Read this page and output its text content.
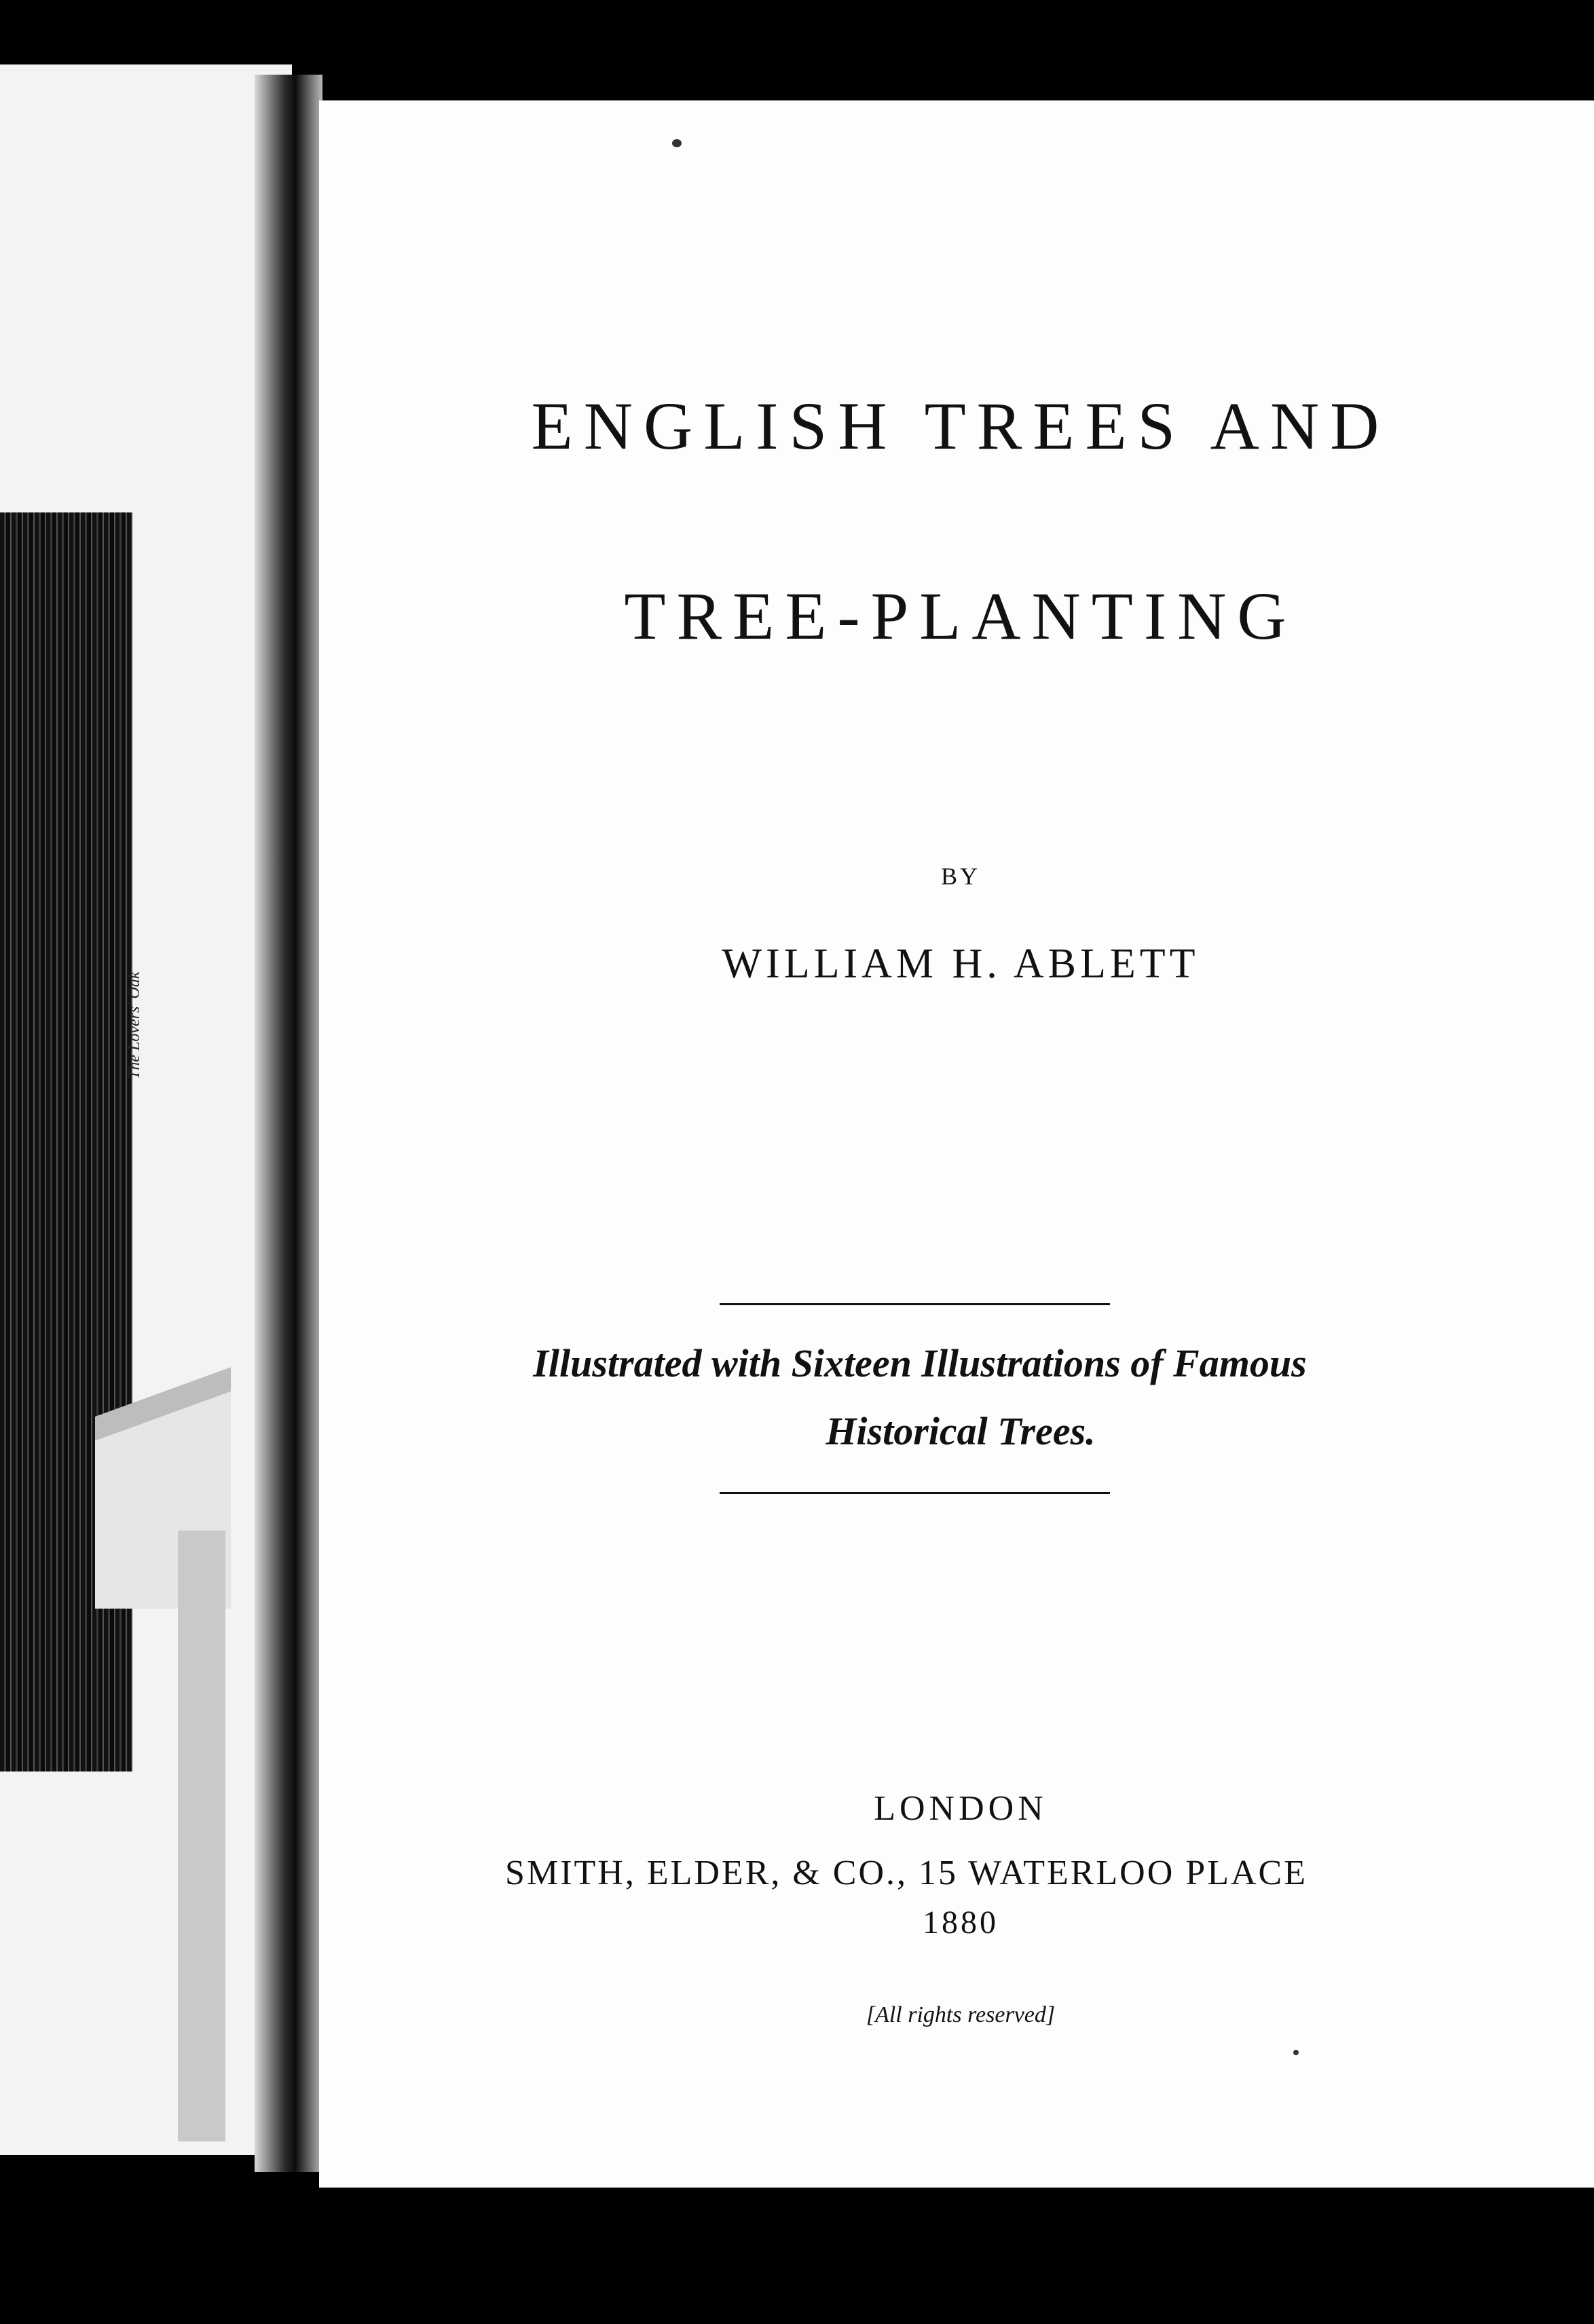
The Lovers' Oak
ENGLISH TREES AND
TREE-PLANTING
BY
WILLIAM H. ABLETT
Illustrated with Sixteen Illustrations of Famous
Historical Trees.
LONDON
SMITH, ELDER, & CO., 15 WATERLOO PLACE
1880
[All rights reserved]
